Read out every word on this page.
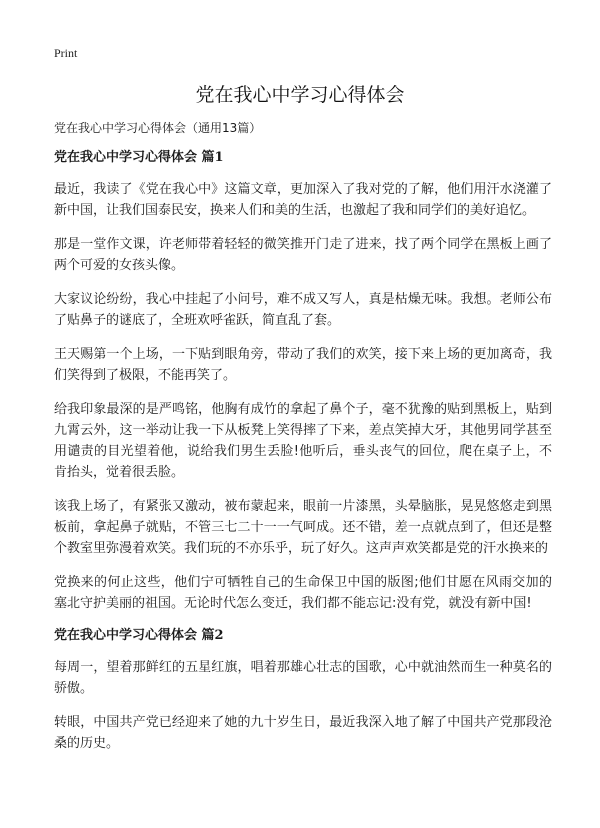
Print
党在我心中学习心得体会

党在我心中学习心得体会（通用13篇）

党在我心中学习心得体会 篇1

最近，我读了《党在我心中》这篇文章，更加深入了我对党的了解，他们用汗水浇灌了新中国，让我们国泰民安，换来人们和美的生活，也激起了我和同学们的美好追忆。

那是一堂作文课，许老师带着轻轻的微笑推开门走了进来，找了两个同学在黑板上画了两个可爱的女孩头像。

大家议论纷纷，我心中挂起了小问号，难不成又写人，真是枯燥无味。我想。老师公布了贴鼻子的谜底了，全班欢呼雀跃，简直乱了套。

王天赐第一个上场，一下贴到眼角旁，带动了我们的欢笑，接下来上场的更加离奇，我们笑得到了极限，不能再笑了。

给我印象最深的是严鸣铭，他胸有成竹的拿起了鼻个子，毫不犹豫的贴到黑板上，贴到九霄云外，这一举动让我一下从板凳上笑得摔了下来，差点笑掉大牙，其他男同学甚至用谴责的目光望着他，说给我们男生丢脸!他听后，垂头丧气的回位，爬在桌子上，不肯抬头，觉着很丢脸。

该我上场了，有紧张又激动，被布蒙起来，眼前一片漆黑，头晕脑胀，晃晃悠悠走到黑板前，拿起鼻子就贴，不管三七二十一一气呵成。还不错，差一点就点到了，但还是整个教室里弥漫着欢笑。我们玩的不亦乐乎，玩了好久。这声声欢笑都是党的汗水换来的

党换来的何止这些，他们宁可牺牲自己的生命保卫中国的版图;他们甘愿在风雨交加的塞北守护美丽的祖国。无论时代怎么变迁，我们都不能忘记:没有党，就没有新中国!

党在我心中学习心得体会 篇2

每周一，望着那鲜红的五星红旗，唱着那雄心壮志的国歌，心中就油然而生一种莫名的骄傲。

转眼，中国共产党已经迎来了她的九十岁生日，最近我深入地了解了中国共产党那段沧桑的历史。
